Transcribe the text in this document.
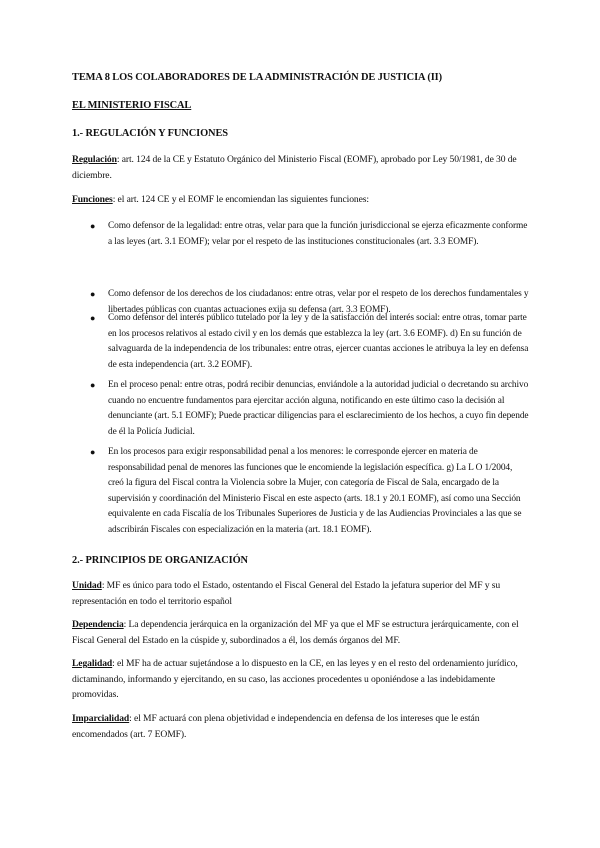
TEMA 8 LOS COLABORADORES DE LA ADMINISTRACIÓN DE JUSTICIA (II)
EL MINISTERIO FISCAL
1.- REGULACIÓN Y FUNCIONES
Regulación: art. 124 de la CE y Estatuto Orgánico del Ministerio Fiscal (EOMF), aprobado por Ley 50/1981, de 30 de diciembre.
Funciones: el art. 124 CE y el EOMF le encomiendan las siguientes funciones:
● Como defensor de la legalidad: entre otras, velar para que la función jurisdiccional se ejerza eficazmente conforme a las leyes (art. 3.1 EOMF); velar por el respeto de las instituciones constitucionales (art. 3.3 EOMF).
● Como defensor de los derechos de los ciudadanos: entre otras, velar por el respeto de los derechos fundamentales y libertades públicas con cuantas actuaciones exija su defensa (art. 3.3 EOMF).
● Como defensor del interés público tutelado por la ley y de la satisfacción del interés social: entre otras, tomar parte en los procesos relativos al estado civil y en los demás que establezca la ley (art. 3.6 EOMF). d) En su función de salvaguarda de la independencia de los tribunales: entre otras, ejercer cuantas acciones le atribuya la ley en defensa de esta independencia (art. 3.2 EOMF).
● En el proceso penal: entre otras, podrá recibir denuncias, enviándole a la autoridad judicial o decretando su archivo cuando no encuentre fundamentos para ejercitar acción alguna, notificando en este último caso la decisión al denunciante (art. 5.1 EOMF); Puede practicar diligencias para el esclarecimiento de los hechos, a cuyo fin depende de él la Policía Judicial.
● En los procesos para exigir responsabilidad penal a los menores: le corresponde ejercer en materia de responsabilidad penal de menores las funciones que le encomiende la legislación específica. g) La L O 1/2004, creó la figura del Fiscal contra la Violencia sobre la Mujer, con categoría de Fiscal de Sala, encargado de la supervisión y coordinación del Ministerio Fiscal en este aspecto (arts. 18.1 y 20.1 EOMF), así como una Sección equivalente en cada Fiscalía de los Tribunales Superiores de Justicia y de las Audiencias Provinciales a las que se adscribirán Fiscales con especialización en la materia (art. 18.1 EOMF).
2.- PRINCIPIOS DE ORGANIZACIÓN
Unidad: MF es único para todo el Estado, ostentando el Fiscal General del Estado la jefatura superior del MF y su representación en todo el territorio español
Dependencia: La dependencia jerárquica en la organización del MF ya que el MF se estructura jerárquicamente, con el Fiscal General del Estado en la cúspide y, subordinados a él, los demás órganos del MF.
Legalidad: el MF ha de actuar sujetándose a lo dispuesto en la CE, en las leyes y en el resto del ordenamiento jurídico, dictaminando, informando y ejercitando, en su caso, las acciones procedentes u oponiéndose a las indebidamente promovidas.
Imparcialidad: el MF actuará con plena objetividad e independencia en defensa de los intereses que le están encomendados (art. 7 EOMF).
